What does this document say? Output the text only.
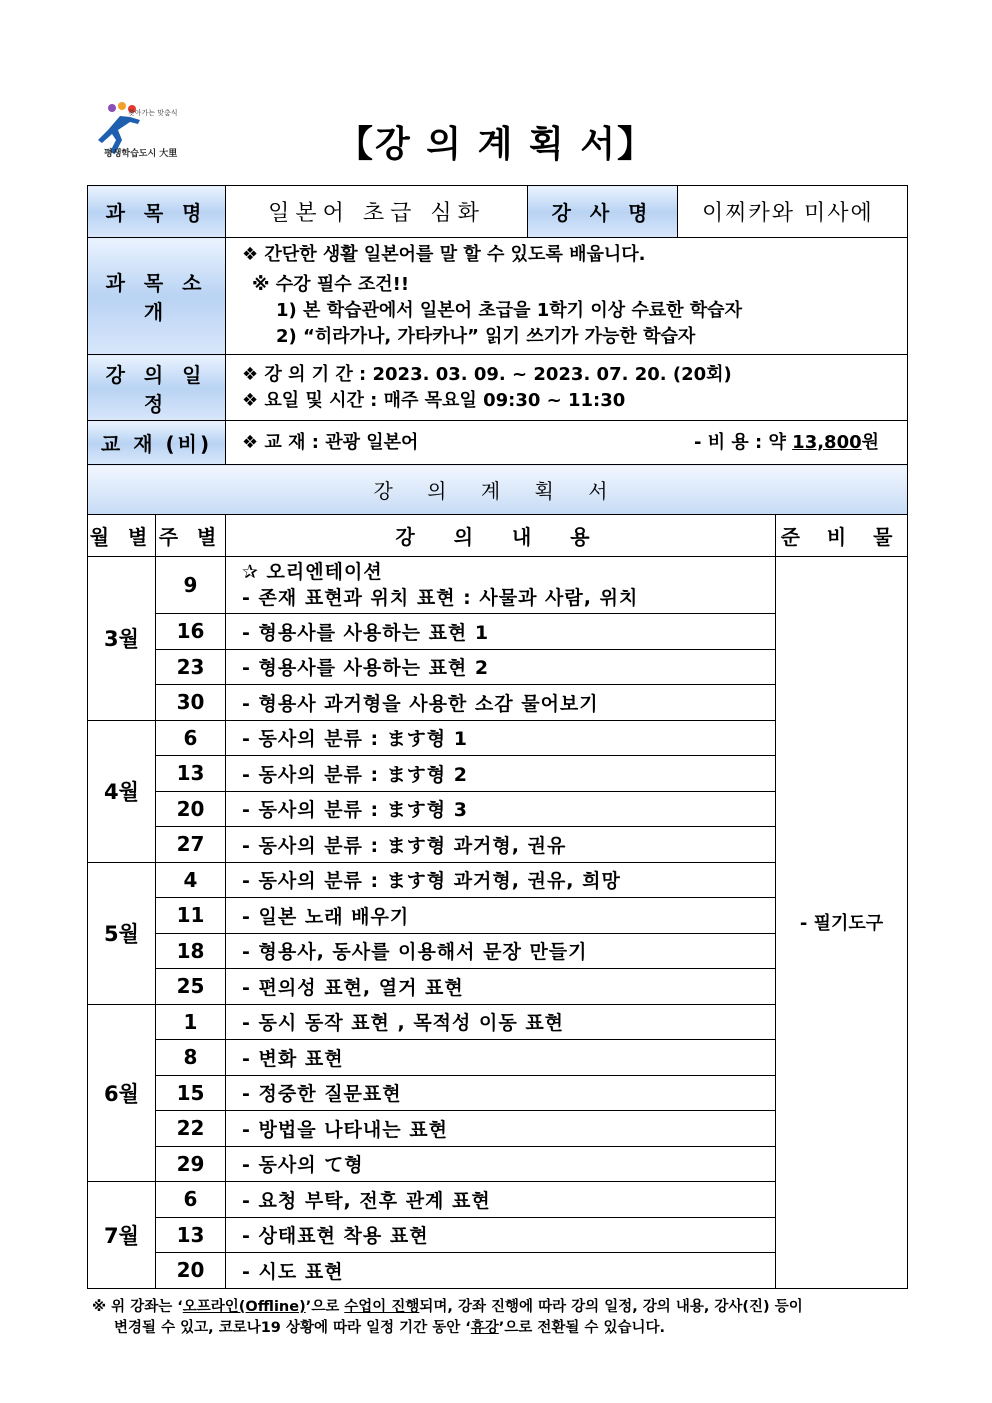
찾아가는 맞춤식
평생학습도시 大里	【강 의 계 획 서】
과 목 명		일본어 초급 심화	강 사 명	이찌카와 미사에	
과 목 소 개		❖ 간단한 생활 일본어를 말 할 수 있도록 배웁니다.
※ 수강 필수 조건!!
1) 본 학습관에서 일본어 초급을 1학기 이상 수료한 학습자
2) “히라가나, 가타카나” 읽기 쓰기가 가능한 학습자			

강 의 일 정		❖ 강 의 기 간 : 2023. 03. 09. ~ 2023. 07. 20. (20회)
❖ 요일 및 시간 : 매주 목요일 09:30 ~ 11:30			

교 재 (비)		❖ 교 재 : 관광 일본어 - 비 용 : 약 13,800원			

강 의 계 획 서					
월 별	주 별	강 의 내 용			준 비 물
3월	9	✰ 오리엔테이션
- 존재 표현과 위치 표현 : 사물과 사람, 위치			- 필기도구
	16	- 형용사를 사용하는 표현 1			
	23	- 형용사를 사용하는 표현 2			
	30	- 형용사 과거형을 사용한 소감 물어보기			
4월	6	- 동사의 분류 : ます형 1			
	13	- 동사의 분류 : ます형 2			
	20	- 동사의 분류 : ます형 3			
	27	- 동사의 분류 : ます형 과거형, 권유			
5월	4	- 동사의 분류 : ます형 과거형, 권유, 희망			
	11	- 일본 노래 배우기			
	18	- 형용사, 동사를 이용해서 문장 만들기			
	25	- 편의성 표현, 열거 표현			
6월	1	- 동시 동작 표현 , 목적성 이동 표현			
	8	- 변화 표현			
	15	- 정중한 질문표현			
	22	- 방법을 나타내는 표현			
	29	- 동사의 て형			
7월	6	- 요청 부탁, 전후 관계 표현			
	13	- 상태표현 착용 표현			
	20	- 시도 표현			
※ 위 강좌는 ‘오프라인(Offline)’으로 수업이 진행되며, 강좌 진행에 따라 강의 일정, 강의 내용, 강사(진) 등이
변경될 수 있고, 코로나19 상황에 따라 일정 기간 동안 ‘휴강’으로 전환될 수 있습니다.
